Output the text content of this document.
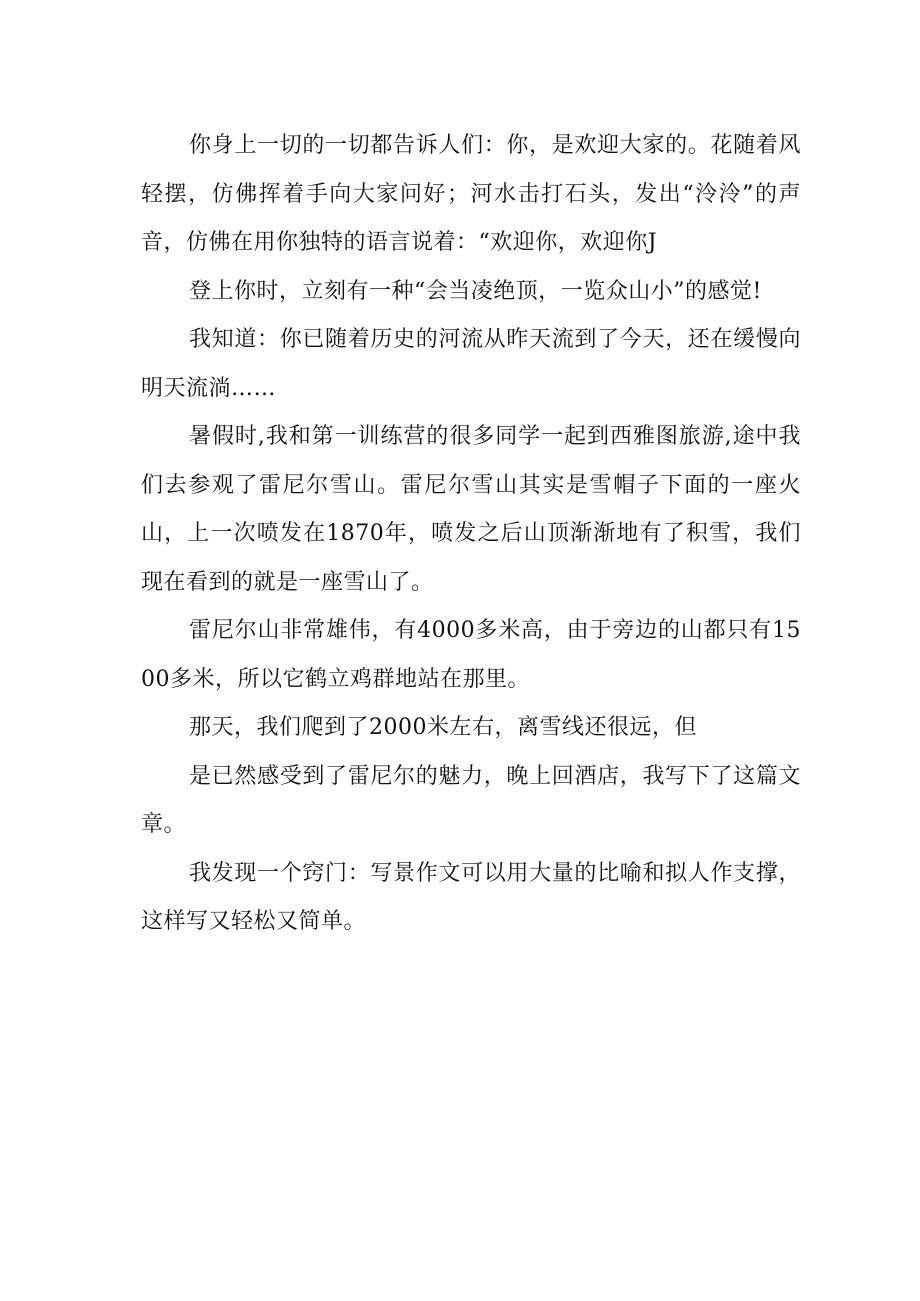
你身上一切的一切都告诉人们：你，是欢迎大家的。花随着风轻摆，仿佛挥着手向大家问好；河水击打石头，发出“泠泠”的声音，仿佛在用你独特的语言说着：“欢迎你，欢迎你J

登上你时，立刻有一种“会当凌绝顶，一览众山小”的感觉!

我知道：你已随着历史的河流从昨天流到了今天，还在缓慢向明天流淌……

暑假时,我和第一训练营的很多同学一起到西雅图旅游,途中我们去参观了雷尼尔雪山。雷尼尔雪山其实是雪帽子下面的一座火山，上一次喷发在1870年，喷发之后山顶渐渐地有了积雪，我们现在看到的就是一座雪山了。

雷尼尔山非常雄伟，有4000多米高，由于旁边的山都只有1500多米，所以它鹤立鸡群地站在那里。

那天，我们爬到了2000米左右，离雪线还很远，但

是已然感受到了雷尼尔的魅力，晚上回酒店，我写下了这篇文章。

我发现一个窍门：写景作文可以用大量的比喻和拟人作支撑，这样写又轻松又简单。
